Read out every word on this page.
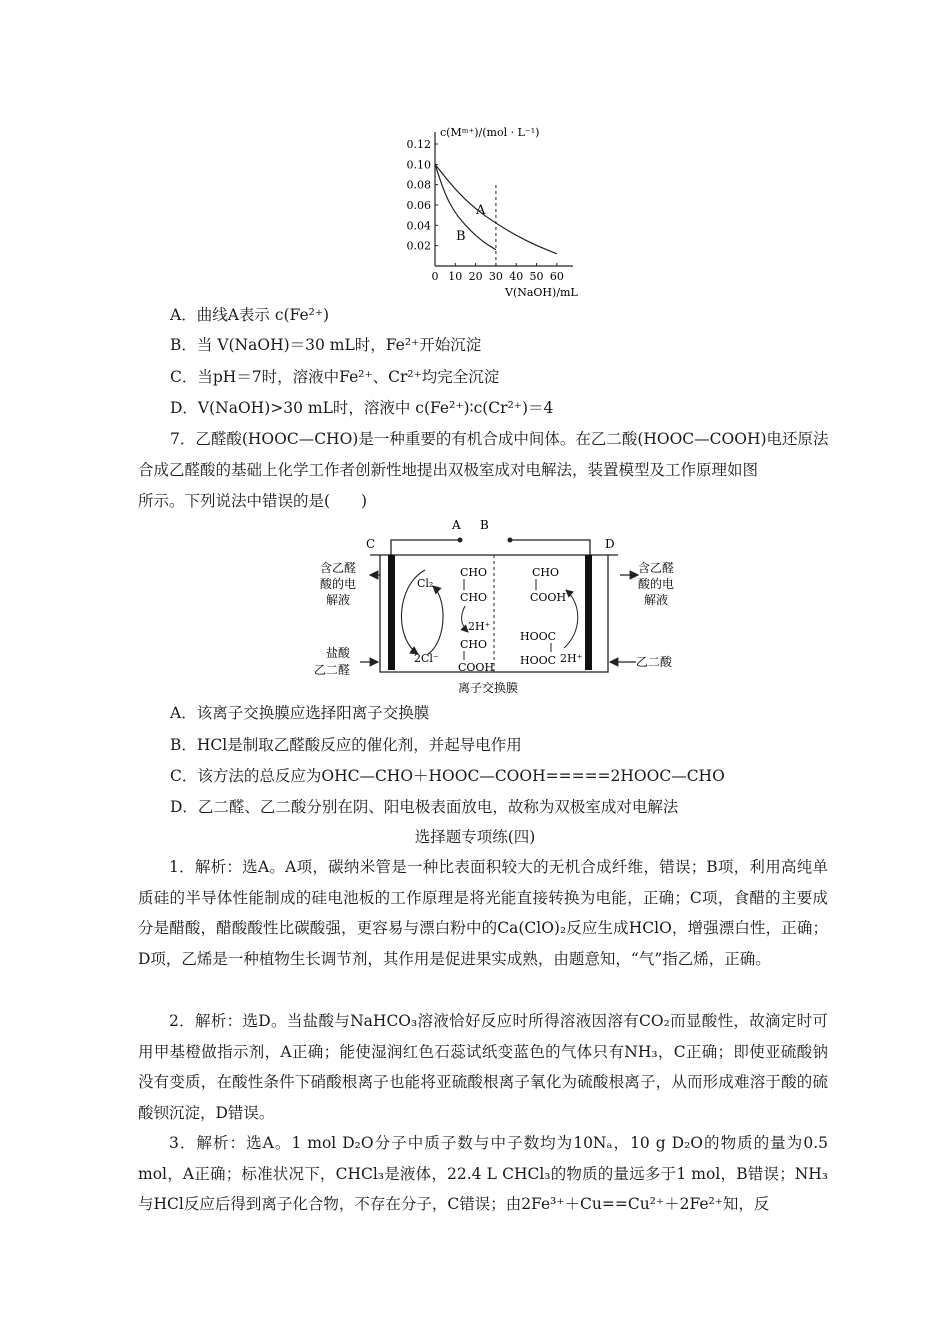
0 10 20 30 40 50 60
0.02
0.04
0.06
0.08
0.10
0.12
c(Mᵐ⁺)/(mol · L⁻¹)
V(NaOH)/mL
A
B
A．曲线A表示 c(Fe²⁺)
B．当 V(NaOH)＝30 mL时，Fe²⁺开始沉淀
C．当pH＝7时，溶液中Fe²⁺、Cr²⁺均完全沉淀
D．V(NaOH)>30 mL时，溶液中 c(Fe²⁺)∶c(Cr²⁺)＝4
7．乙醛酸(HOOC—CHO)是一种重要的有机合成中间体。在乙二酸(HOOC—COOH)电还原法
合成乙醛酸的基础上化学工作者创新性地提出双极室成对电解法，装置模型及工作原理如图
所示。下列说法中错误的是(　　)
A B
C	D
离子交换膜
含乙醛
酸的电
解液
盐酸
乙二醛
含乙醛
酸的电
解液
乙二酸
Cl₂
2Cl⁻
CHO
CHO
2H⁺
CHO
COOH
CHO
COOH
HOOC
HOOC 2H⁺
A．该离子交换膜应选择阳离子交换膜
B．HCl是制取乙醛酸反应的催化剂，并起导电作用
C．该方法的总反应为OHC—CHO＋HOOC—COOH=====2HOOC—CHO
D．乙二醛、乙二酸分别在阴、阳电极表面放电，故称为双极室成对电解法
选择题专项练(四)
1．解析：选A。A项，碳纳米管是一种比表面积较大的无机合成纤维，错误；B项，利用高纯单质硅的半导体性能制成的硅电池板的工作原理是将光能直接转换为电能，正确；C项，食醋的主要成分是醋酸，醋酸酸性比碳酸强，更容易与漂白粉中的Ca(ClO)₂反应生成HClO，增强漂白性，正确；D项，乙烯是一种植物生长调节剂，其作用是促进果实成熟，由题意知，“气”指乙烯，正确。
2．解析：选D。当盐酸与NaHCO₃溶液恰好反应时所得溶液因溶有CO₂而显酸性，故滴定时可用甲基橙做指示剂，A正确；能使湿润红色石蕊试纸变蓝色的气体只有NH₃，C正确；即使亚硫酸钠没有变质，在酸性条件下硝酸根离子也能将亚硫酸根离子氧化为硫酸根离子，从而形成难溶于酸的硫酸钡沉淀，D错误。
3．解析：选A。1 mol D₂O分子中质子数与中子数均为10Nₐ，10 g D₂O的物质的量为0.5 mol，A正确；标准状况下，CHCl₃是液体，22.4 L CHCl₃的物质的量远多于1 mol，B错误；NH₃与HCl反应后得到离子化合物，不存在分子，C错误；由2Fe³⁺＋Cu==Cu²⁺＋2Fe²⁺知，反
